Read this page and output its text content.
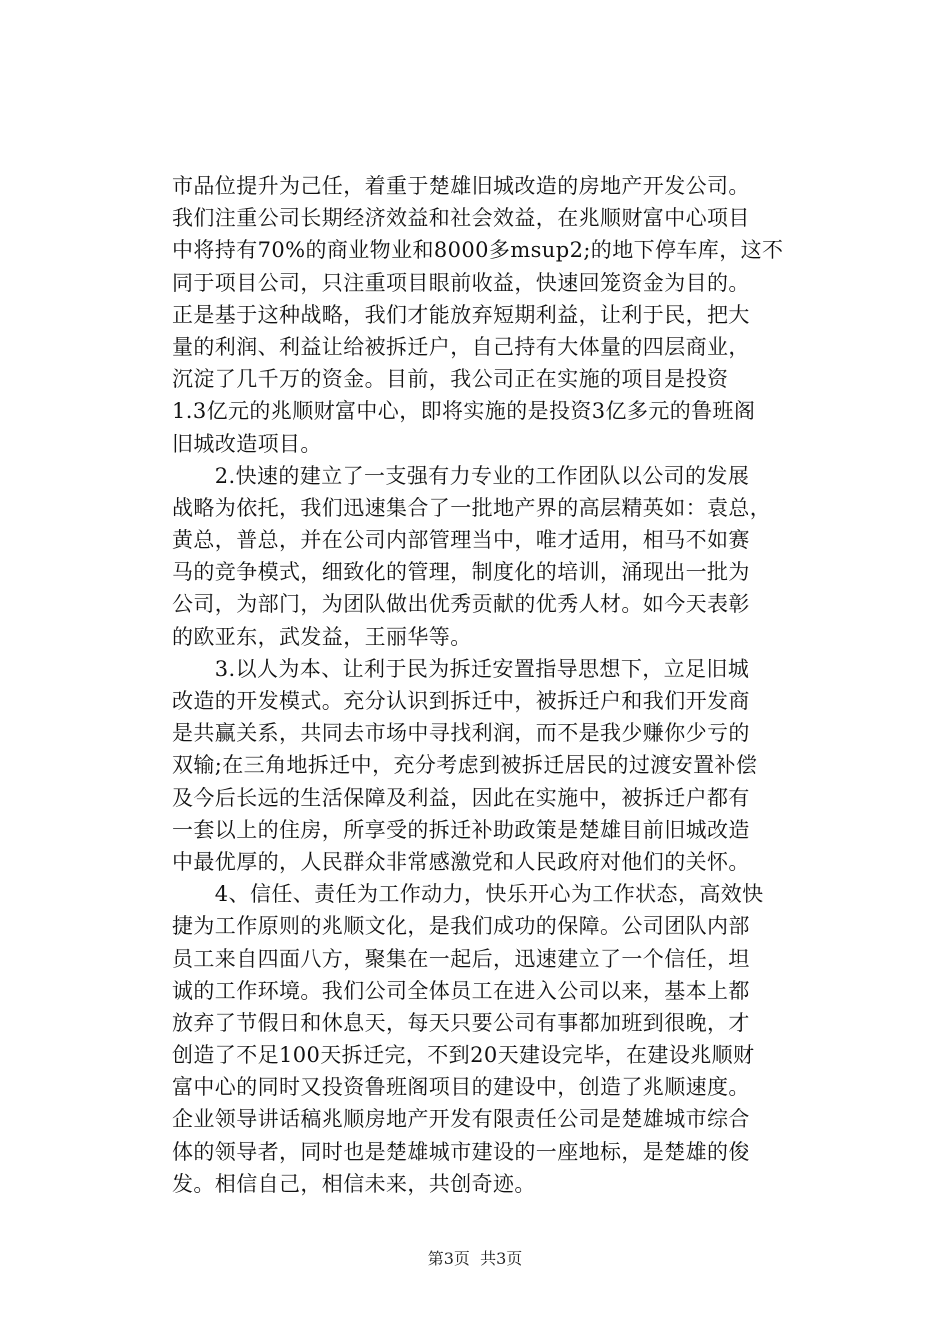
市品位提升为己任，着重于楚雄旧城改造的房地产开发公司。
我们注重公司长期经济效益和社会效益，在兆顺财富中心项目
中将持有70%的商业物业和8000多msup2;的地下停车库，这不
同于项目公司，只注重项目眼前收益，快速回笼资金为目的。
正是基于这种战略，我们才能放弃短期利益，让利于民，把大
量的利润、利益让给被拆迁户，自己持有大体量的四层商业，
沉淀了几千万的资金。目前，我公司正在实施的项目是投资
1.3亿元的兆顺财富中心，即将实施的是投资3亿多元的鲁班阁
旧城改造项目。
　　2.快速的建立了一支强有力专业的工作团队以公司的发展
战略为依托，我们迅速集合了一批地产界的高层精英如：袁总，
黄总，普总，并在公司内部管理当中，唯才适用，相马不如赛
马的竞争模式，细致化的管理，制度化的培训，涌现出一批为
公司，为部门，为团队做出优秀贡献的优秀人材。如今天表彰
的欧亚东，武发益，王丽华等。
　　3.以人为本、让利于民为拆迁安置指导思想下，立足旧城
改造的开发模式。充分认识到拆迁中，被拆迁户和我们开发商
是共赢关系，共同去市场中寻找利润，而不是我少赚你少亏的
双输;在三角地拆迁中，充分考虑到被拆迁居民的过渡安置补偿
及今后长远的生活保障及利益，因此在实施中，被拆迁户都有
一套以上的住房，所享受的拆迁补助政策是楚雄目前旧城改造
中最优厚的，人民群众非常感激党和人民政府对他们的关怀。
　　4、信任、责任为工作动力，快乐开心为工作状态，高效快
捷为工作原则的兆顺文化，是我们成功的保障。公司团队内部
员工来自四面八方，聚集在一起后，迅速建立了一个信任，坦
诚的工作环境。我们公司全体员工在进入公司以来，基本上都
放弃了节假日和休息天，每天只要公司有事都加班到很晚，才
创造了不足100天拆迁完，不到20天建设完毕，在建设兆顺财
富中心的同时又投资鲁班阁项目的建设中，创造了兆顺速度。
企业领导讲话稿兆顺房地产开发有限责任公司是楚雄城市综合
体的领导者，同时也是楚雄城市建设的一座地标，是楚雄的俊
发。相信自己，相信未来，共创奇迹。
第3页 共3页
